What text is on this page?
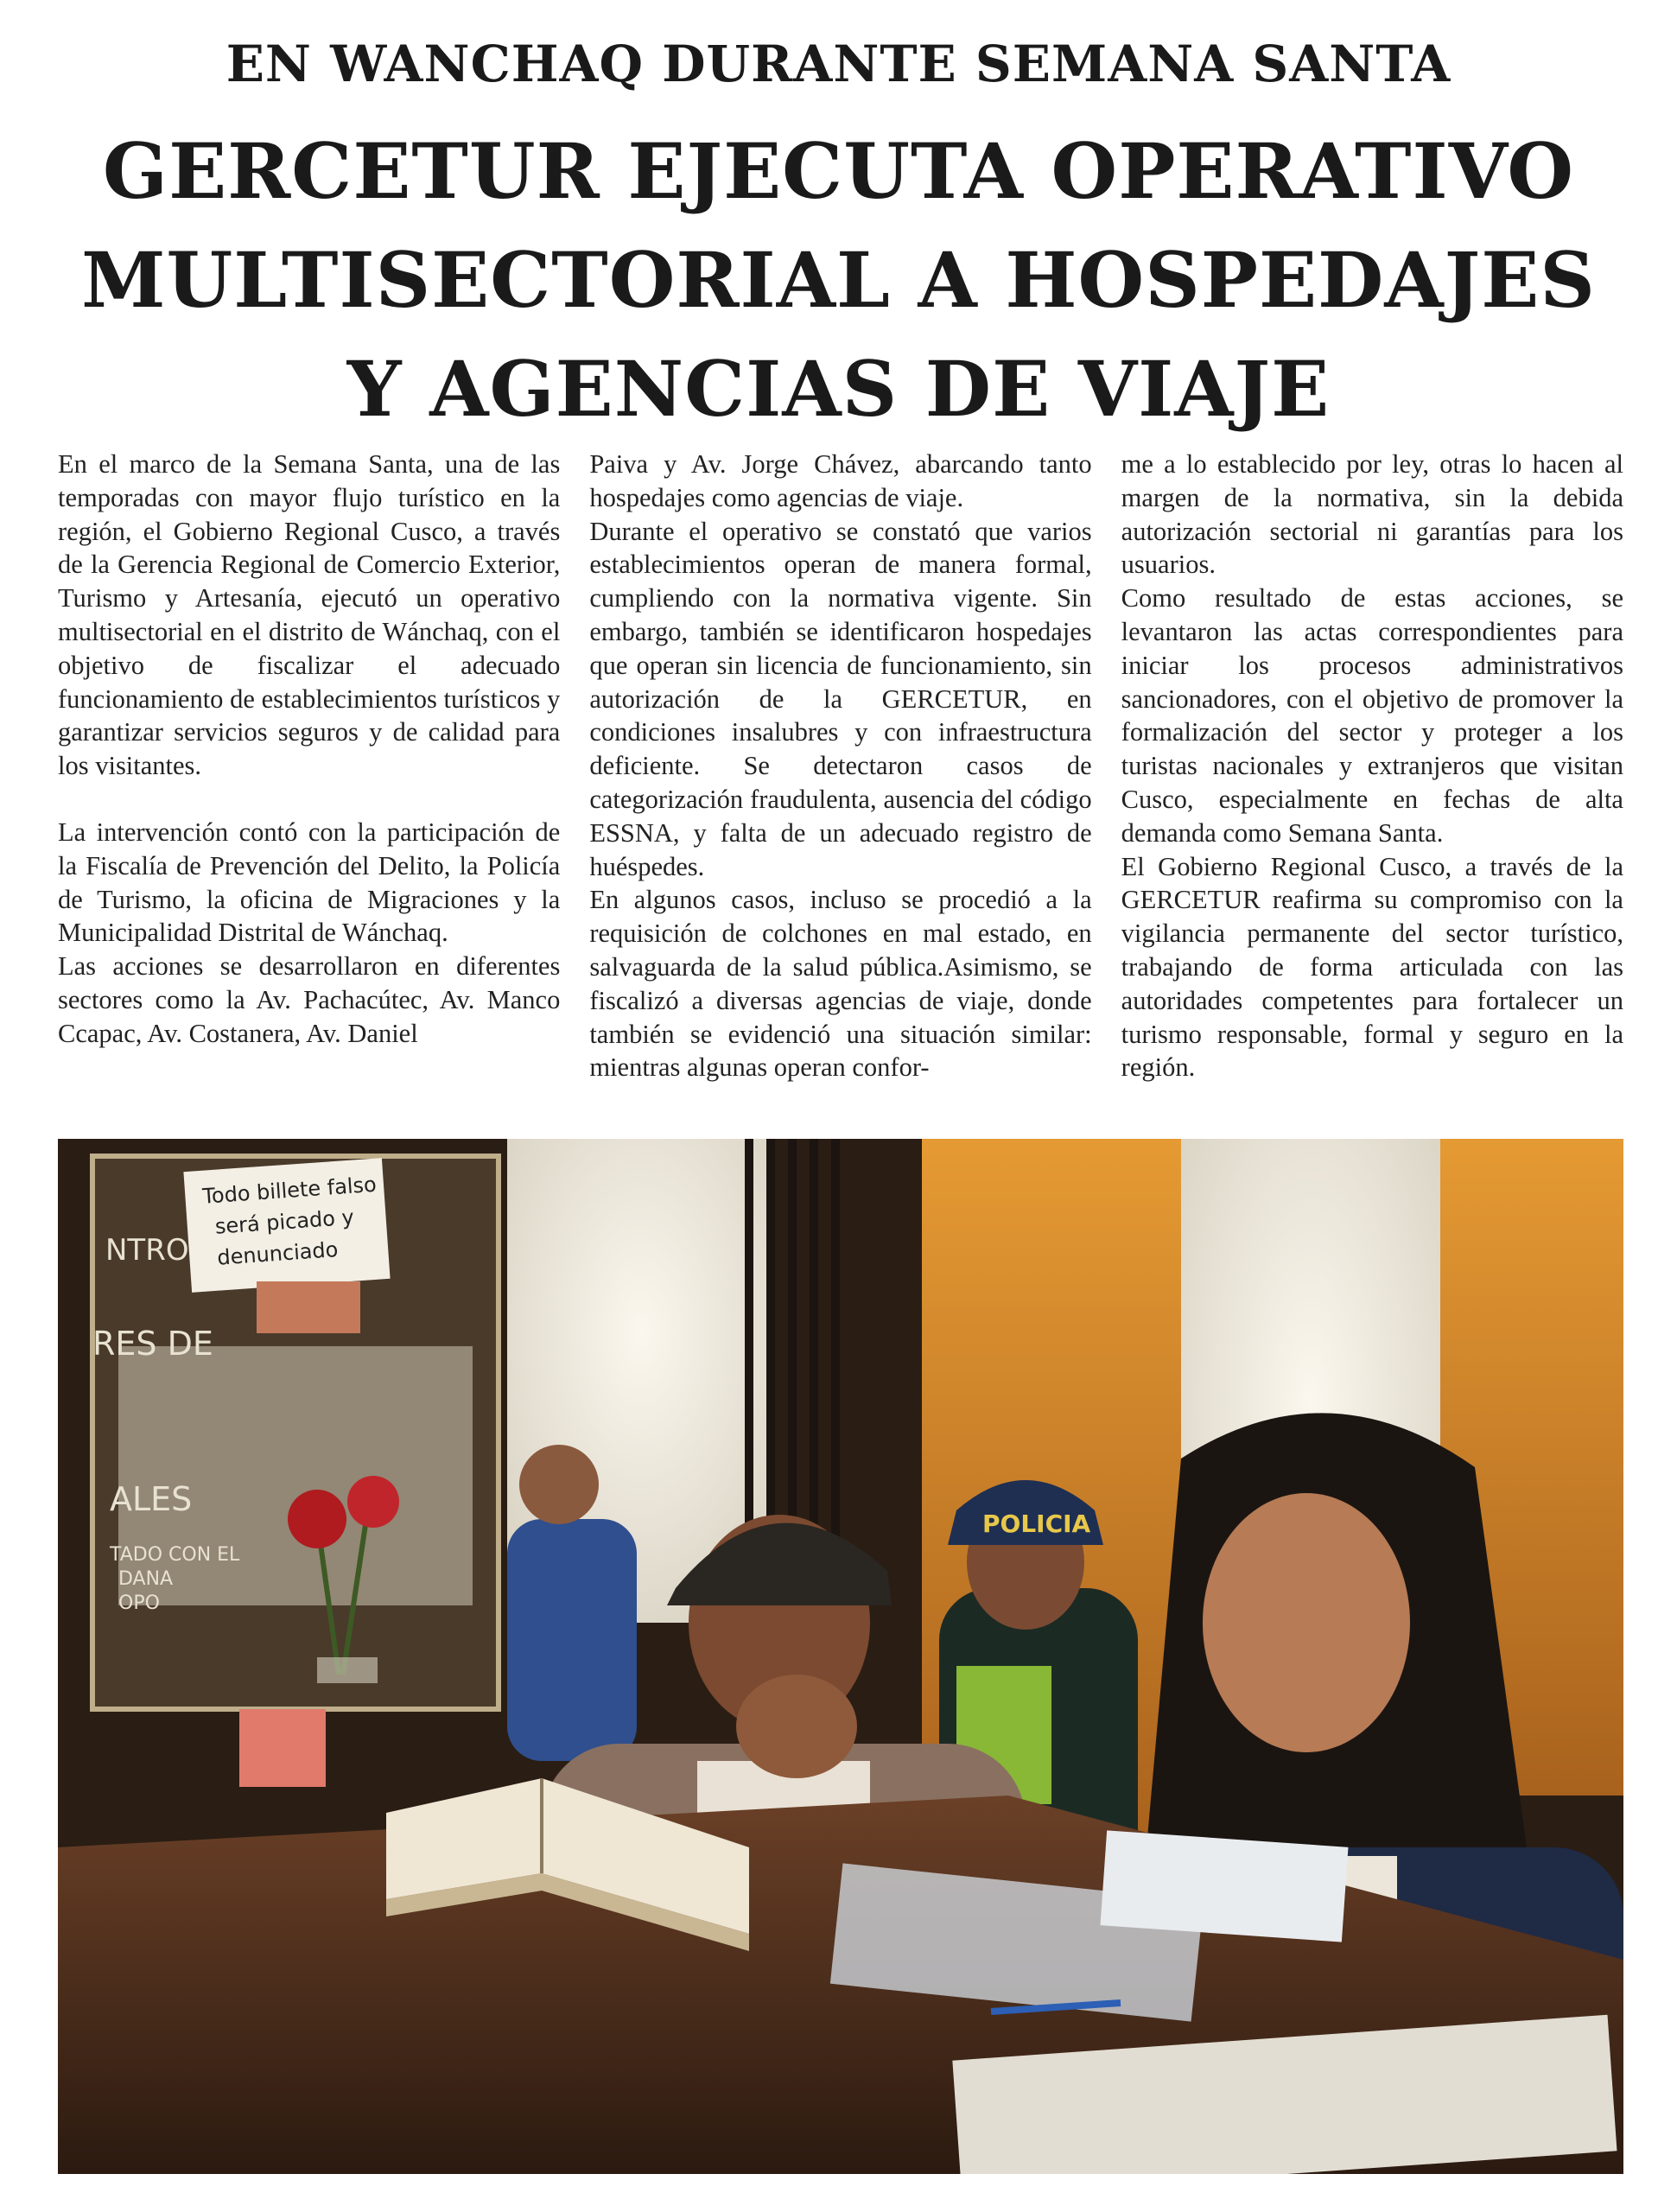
EN WANCHAQ DURANTE SEMANA SANTA
GERCETUR EJECUTA OPERATIVO
MULTISECTORIAL A HOSPEDAJES
Y AGENCIAS DE VIAJE

En el marco de la Semana Santa, una de las temporadas con mayor flujo turístico en la región, el Gobierno Regional Cusco, a través de la Gerencia Regional de Comercio Exterior, Turismo y Artesanía, ejecutó un operativo multisectorial en el distrito de Wánchaq, con el objetivo de fiscalizar el adecuado funcionamiento de establecimientos turísticos y garantizar servicios seguros y de calidad para los visitantes.

La intervención contó con la participación de la Fiscalía de Prevención del Delito, la Policía de Turismo, la oficina de Migraciones y la Municipalidad Distrital de Wánchaq.

Las acciones se desarrollaron en diferentes sectores como la Av. Pachacútec, Av. Manco Ccapac, Av. Costanera, Av. Daniel

Paiva y Av. Jorge Chávez, abarcando tanto hospedajes como agencias de viaje.

Durante el operativo se constató que varios establecimientos operan de manera formal, cumpliendo con la normativa vigente. Sin embargo, también se identificaron hospedajes que operan sin licencia de funcionamiento, sin autorización de la GERCETUR, en condiciones insalubres y con infraestructura deficiente. Se detectaron casos de categorización fraudulenta, ausencia del código ESSNA, y falta de un adecuado registro de huéspedes.

En algunos casos, incluso se procedió a la requisición de colchones en mal estado, en salvaguarda de la salud pública.Asimismo, se fiscalizó a diversas agencias de viaje, donde también se evidenció una situación similar: mientras algunas operan confor-

me a lo establecido por ley, otras lo hacen al margen de la normativa, sin la debida autorización sectorial ni garantías para los usuarios.

Como resultado de estas acciones, se levantaron las actas correspondientes para iniciar los procesos administrativos sancionadores, con el objetivo de promover la formalización del sector y proteger a los turistas nacionales y extranjeros que visitan Cusco, especialmente en fechas de alta demanda como Semana Santa.

El Gobierno Regional Cusco, a través de la GERCETUR reafirma su compromiso con la vigilancia permanente del sector turístico, trabajando de forma articulada con las autoridades competentes para fortalecer un turismo responsable, formal y seguro en la región.

Todo billete falso
será picado y
denunciado
NTRO
RES DE
ALES
TADO CON EL
DANA
OPO
POLICIA
